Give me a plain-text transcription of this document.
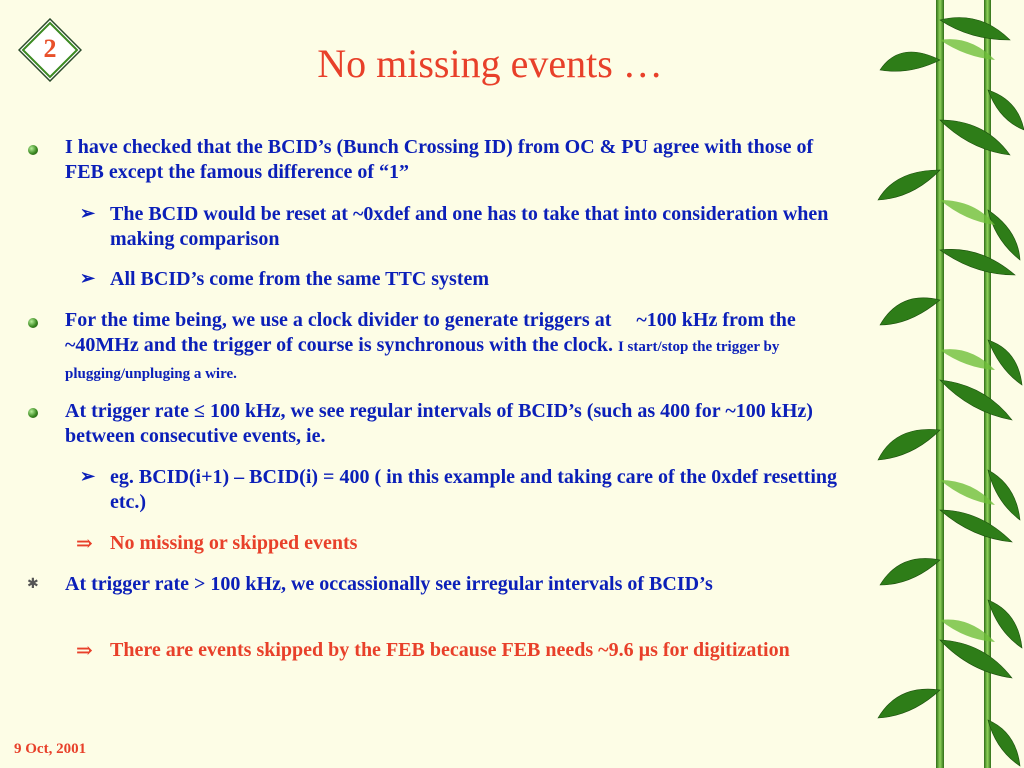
2	No missing events …
I have checked that the BCID’s (Bunch Crossing ID) from OC & PU agree with those of FEB except the famous difference of “1”
➢ The BCID would be reset at ~0xdef and one has to take that into consideration when making comparison
➢ All BCID’s come from the same TTC system
For the time being, we use a clock divider to generate triggers at     ~100 kHz from the ~40MHz and the trigger of course is synchronous with the clock. I start/stop the trigger by plugging/unpluging a wire.
At trigger rate ≤ 100 kHz, we see regular intervals of BCID’s (such as 400 for ~100 kHz) between consecutive events, ie.
➢ eg. BCID(i+1) – BCID(i) = 400 ( in this example and taking care of the 0xdef resetting etc.)
⇒ No missing or skipped events
✱ At trigger rate > 100 kHz, we occassionally see irregular intervals of BCID’s
⇒ There are events skipped by the FEB because FEB needs ~9.6 µs for digitization
9 Oct, 2001
